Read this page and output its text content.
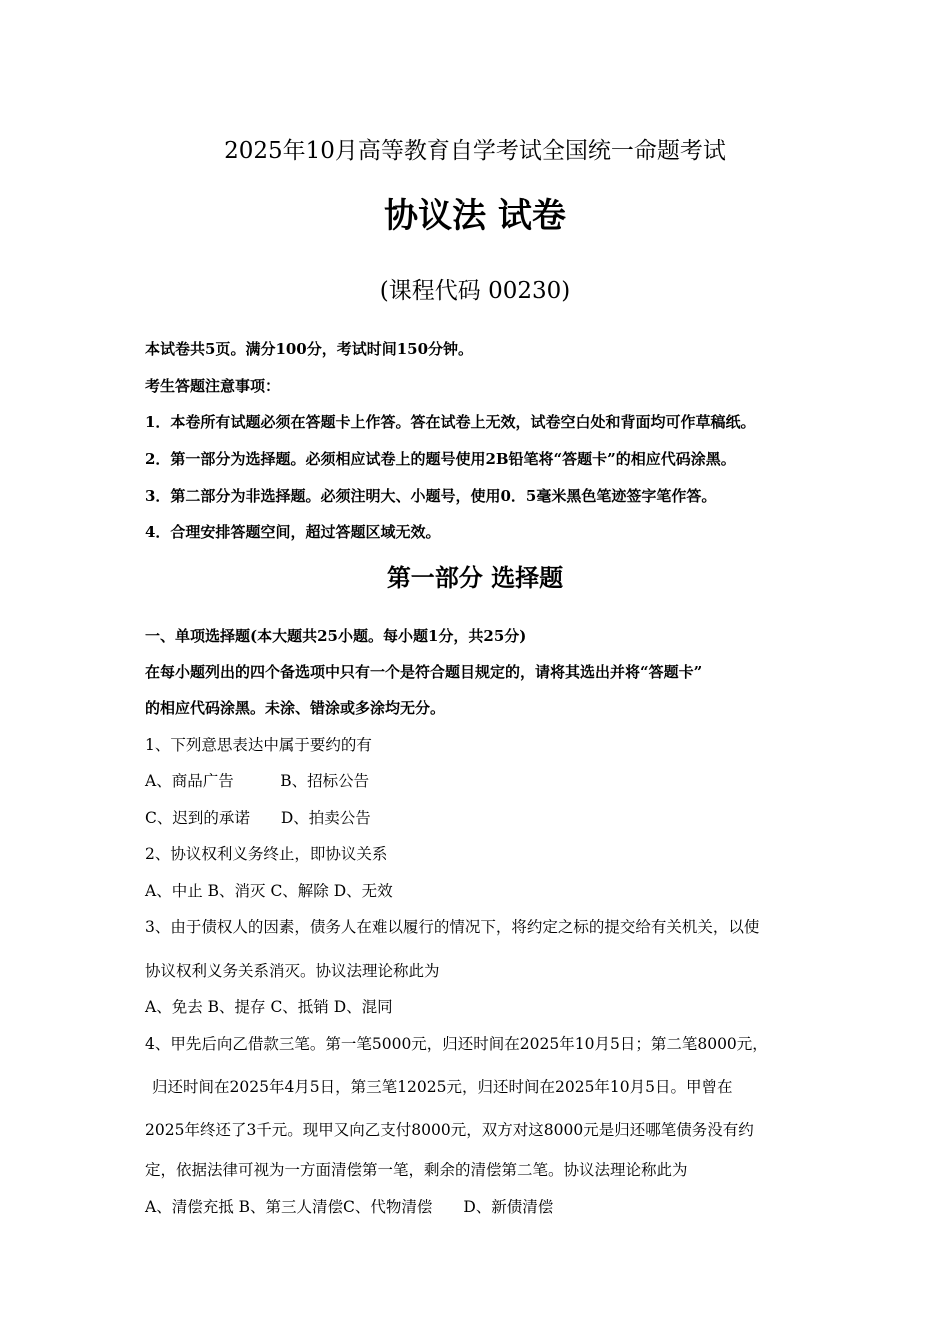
2025年10月高等教育自学考试全国统一命题考试
协议法 试卷
(课程代码 00230)
本试卷共5页。满分100分，考试时间150分钟。
考生答题注意事项：
1．本卷所有试题必须在答题卡上作答。答在试卷上无效，试卷空白处和背面均可作草稿纸。
2．第一部分为选择题。必须相应试卷上的题号使用2B铅笔将“答题卡”的相应代码涂黑。
3．第二部分为非选择题。必须注明大、小题号，使用0．5毫米黑色笔迹签字笔作答。
4．合理安排答题空间，超过答题区域无效。
第一部分 选择题
一、单项选择题(本大题共25小题。每小题1分，共25分)
在每小题列出的四个备选项中只有一个是符合题目规定的，请将其选出并将“答题卡”
的相应代码涂黑。未涂、错涂或多涂均无分。
1、下列意思表达中属于要约的有
A、商品广告　　　B、招标公告
C、迟到的承诺　　D、拍卖公告
2、协议权利义务终止，即协议关系
A、中止 B、消灭 C、解除 D、无效
3、由于债权人的因素，债务人在难以履行的情况下，将约定之标的提交给有关机关，以使
协议权利义务关系消灭。协议法理论称此为
A、免去 B、提存 C、抵销 D、混同
4、甲先后向乙借款三笔。第一笔5000元，归还时间在2025年10月5日；第二笔8000元，
归还时间在2025年4月5日，第三笔12025元，归还时间在2025年10月5日。甲曾在
2025年终还了3千元。现甲又向乙支付8000元，双方对这8000元是归还哪笔债务没有约
定，依据法律可视为一方面清偿第一笔，剩余的清偿第二笔。协议法理论称此为
A、清偿充抵 B、第三人清偿C、代物清偿　　D、新债清偿
